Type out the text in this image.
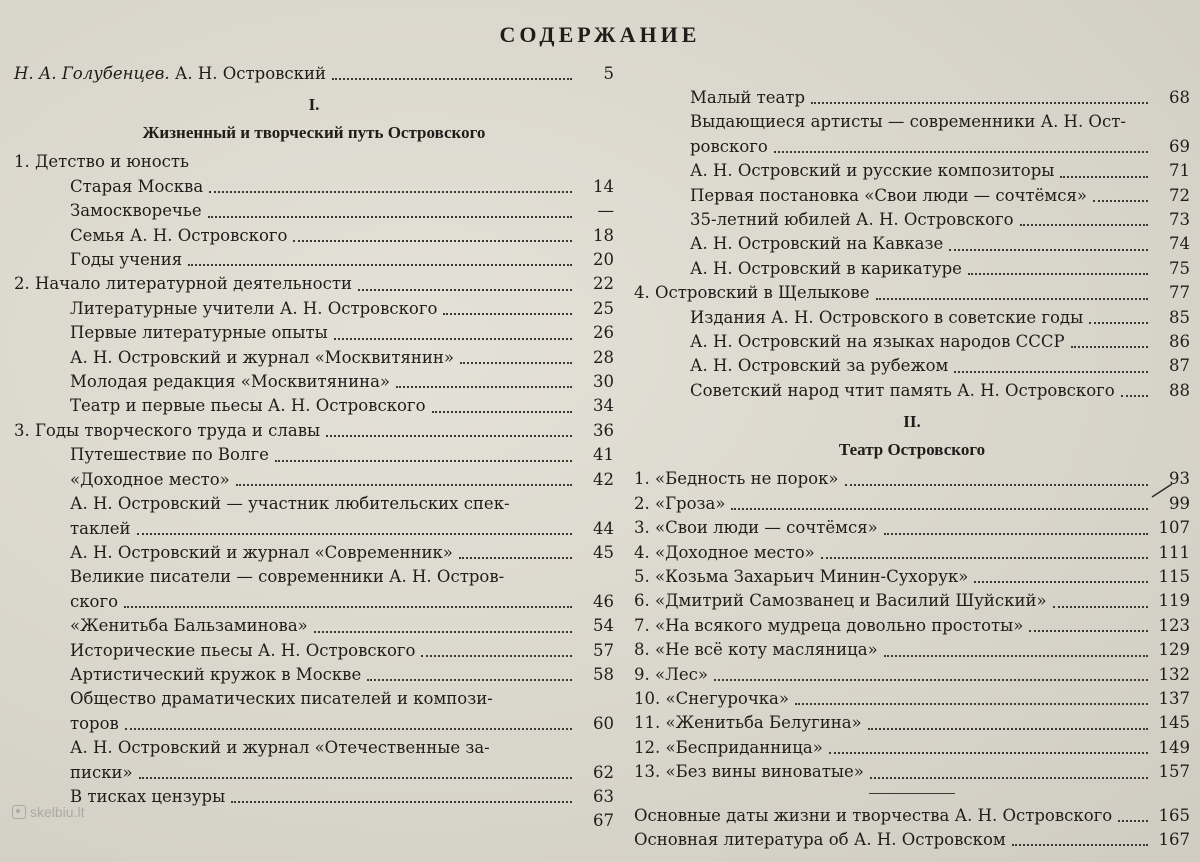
СОДЕРЖАНИЕ
Н. А. Голубенцев. А. Н. Островский	5
I.
Жизненный и творческий путь Островского
1. Детство и юность
Старая Москва	14
Замоскворечье	—
Семья А. Н. Островского	18
Годы учения	20
2. Начало литературной деятельности	22
Литературные учители А. Н. Островского	25
Первые литературные опыты	26
А. Н. Островский и журнал «Москвитянин»	28
Молодая редакция «Москвитянина»	30
Театр и первые пьесы А. Н. Островского	34
3. Годы творческого труда и славы	36
Путешествие по Волге	41
«Доходное место»	42
А. Н. Островский — участник любительских спек-
таклей	44
А. Н. Островский и журнал «Современник»	45
Великие писатели — современники А. Н. Остров-
ского	46
«Женитьба Бальзаминова»	54
Исторические пьесы А. Н. Островского	57
Артистический кружок в Москве	58
Общество драматических писателей и компози-
торов	60
А. Н. Островский и журнал «Отечественные за-
писки»	62
В тисках цензуры	63
67
Малый театр	68
Выдающиеся артисты — современники А. Н. Ост-
ровского	69
А. Н. Островский и русские композиторы	71
Первая постановка «Свои люди — сочтёмся»	72
35-летний юбилей А. Н. Островского	73
А. Н. Островский на Кавказе	74
А. Н. Островский в карикатуре	75
4. Островский в Щелыкове	77
Издания А. Н. Островского в советские годы	85
А. Н. Островский на языках народов СССР	86
А. Н. Островский за рубежом	87
Советский народ чтит память А. Н. Островского	88
II.
Театр Островского
1. «Бедность не порок»	93
2. «Гроза»	99
3. «Свои люди — сочтёмся»	107
4. «Доходное место»	111
5. «Козьма Захарьич Минин-Сухорук»	115
6. «Дмитрий Самозванец и Василий Шуйский»	119
7. «На всякого мудреца довольно простоты»	123
8. «Не всё коту масляница»	129
9. «Лес»	132
10. «Снегурочка»	137
11. «Женитьба Белугина»	145
12. «Бесприданница»	149
13. «Без вины виноватые»	157
Основные даты жизни и творчества А. Н. Островского	165
Основная литература об А. Н. Островском	167
skelbiu.lt
